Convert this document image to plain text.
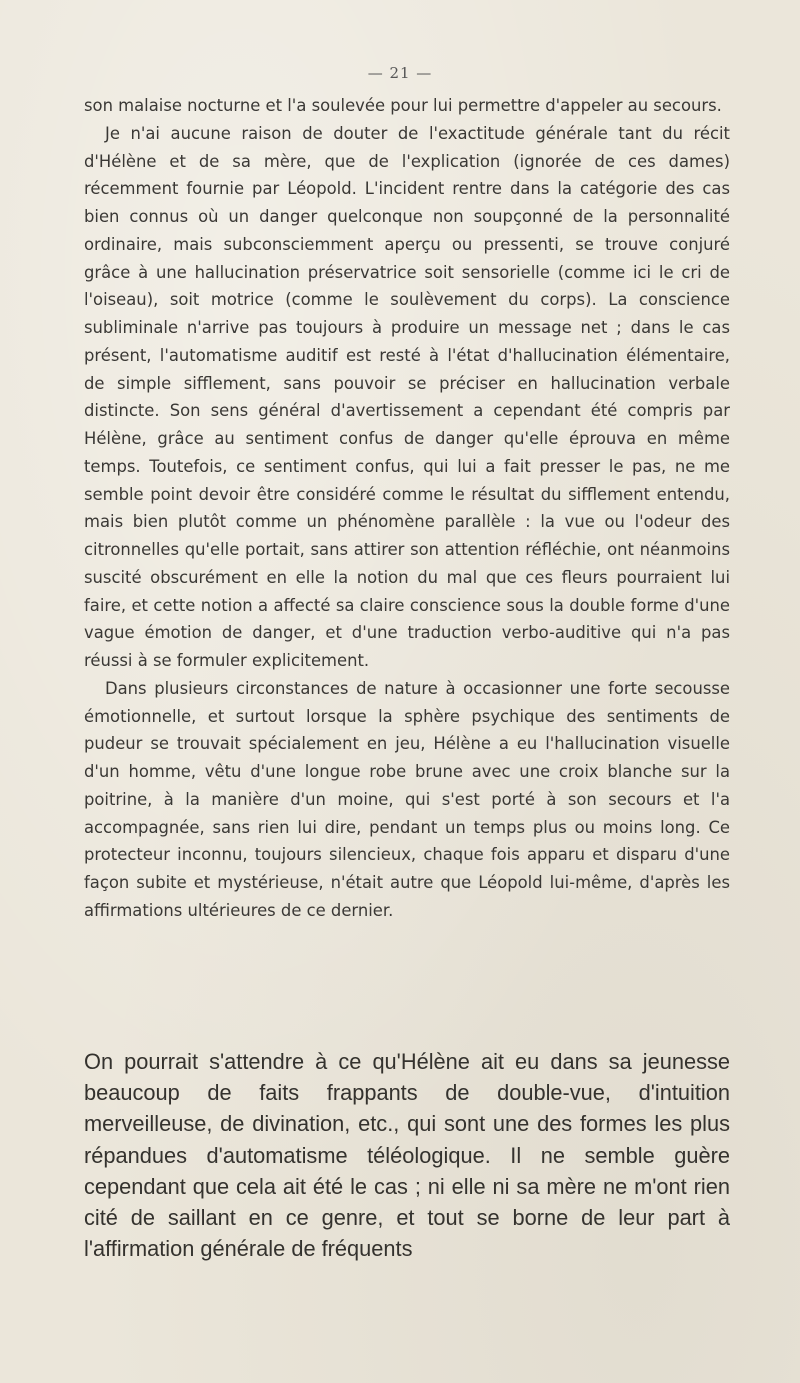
— 21 —

son malaise nocturne et l'a soulevée pour lui permettre d'appeler au secours.

Je n'ai aucune raison de douter de l'exactitude générale tant du récit d'Hélène et de sa mère, que de l'explication (ignorée de ces dames) récemment fournie par Léopold. L'incident rentre dans la catégorie des cas bien connus où un danger quelconque non soupçonné de la personnalité ordinaire, mais subconsciemment aperçu ou pressenti, se trouve conjuré grâce à une hallucination préservatrice soit sensorielle (comme ici le cri de l'oiseau), soit motrice (comme le soulèvement du corps). La conscience subliminale n'arrive pas toujours à produire un message net ; dans le cas présent, l'automatisme auditif est resté à l'état d'hallucination élémentaire, de simple sifflement, sans pouvoir se préciser en hallucination verbale distincte. Son sens général d'avertissement a cependant été compris par Hélène, grâce au sentiment confus de danger qu'elle éprouva en même temps. Toutefois, ce sentiment confus, qui lui a fait presser le pas, ne me semble point devoir être considéré comme le résultat du sifflement entendu, mais bien plutôt comme un phénomène parallèle : la vue ou l'odeur des citronnelles qu'elle portait, sans attirer son attention réfléchie, ont néanmoins suscité obscurément en elle la notion du mal que ces fleurs pourraient lui faire, et cette notion a affecté sa claire conscience sous la double forme d'une vague émotion de danger, et d'une traduction verbo-auditive qui n'a pas réussi à se formuler explicitement.

Dans plusieurs circonstances de nature à occasionner une forte secousse émotionnelle, et surtout lorsque la sphère psychique des sentiments de pudeur se trouvait spécialement en jeu, Hélène a eu l'hallucination visuelle d'un homme, vêtu d'une longue robe brune avec une croix blanche sur la poitrine, à la manière d'un moine, qui s'est porté à son secours et l'a accompagnée, sans rien lui dire, pendant un temps plus ou moins long. Ce protecteur inconnu, toujours silencieux, chaque fois apparu et disparu d'une façon subite et mystérieuse, n'était autre que Léopold lui-même, d'après les affirmations ultérieures de ce dernier.

On pourrait s'attendre à ce qu'Hélène ait eu dans sa jeunesse beaucoup de faits frappants de double-vue, d'intuition merveilleuse, de divination, etc., qui sont une des formes les plus répandues d'automatisme téléologique. Il ne semble guère cependant que cela ait été le cas ; ni elle ni sa mère ne m'ont rien cité de saillant en ce genre, et tout se borne de leur part à l'affirmation générale de fréquents
